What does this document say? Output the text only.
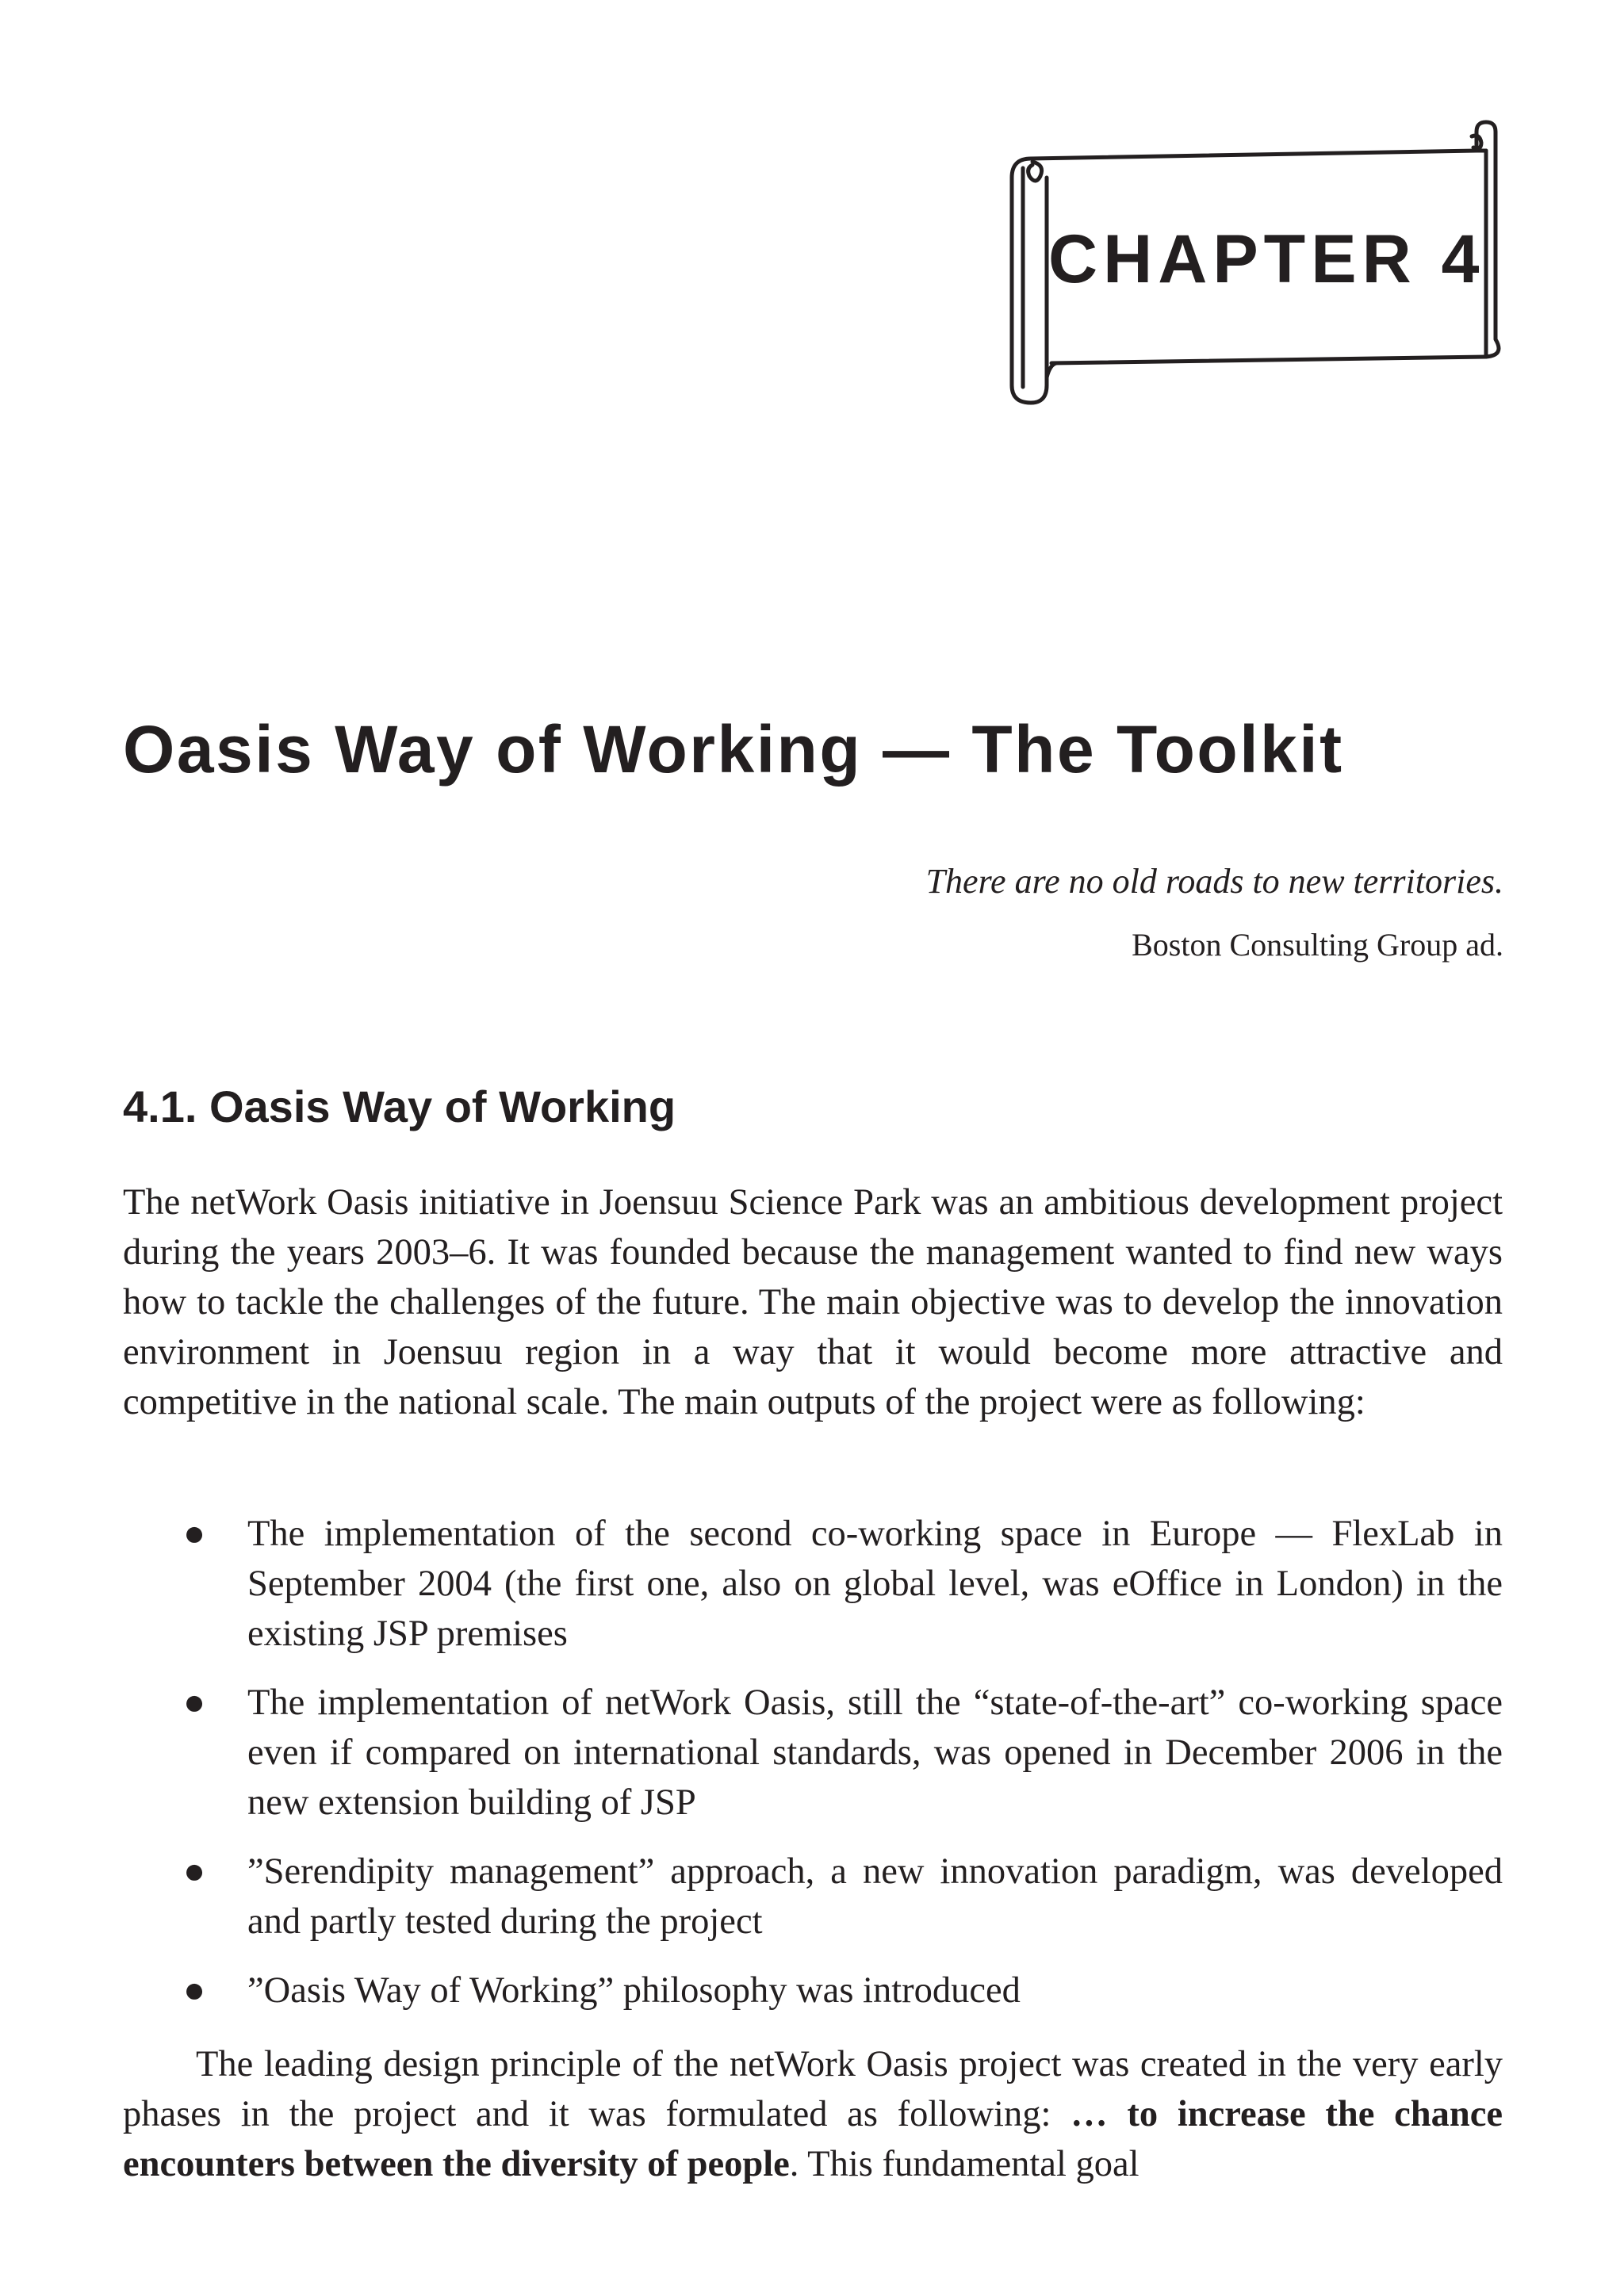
CHAPTER 4
Oasis Way of Working — The Toolkit
There are no old roads to new territories.
Boston Consulting Group ad.
4.1. Oasis Way of Working

The netWork Oasis initiative in Joensuu Science Park was an ambitious development project during the years 2003–6. It was founded because the management wanted to find new ways how to tackle the challenges of the future. The main objective was to develop the innovation environment in Joensuu region in a way that it would become more attractive and competitive in the national scale. The main outputs of the project were as following:

● The implementation of the second co-working space in Europe — FlexLab in September 2004 (the first one, also on global level, was eOffice in London) in the existing JSP premises
● The implementation of netWork Oasis, still the “state-of-the-art” co-working space even if compared on international standards, was opened in December 2006 in the new extension building of JSP
● ”Serendipity management” approach, a new innovation paradigm, was developed and partly tested during the project
● ”Oasis Way of Working” philosophy was introduced

The leading design principle of the netWork Oasis project was created in the very early phases in the project and it was formulated as following: … to increase the chance encounters between the diversity of people. This fundamental goal
